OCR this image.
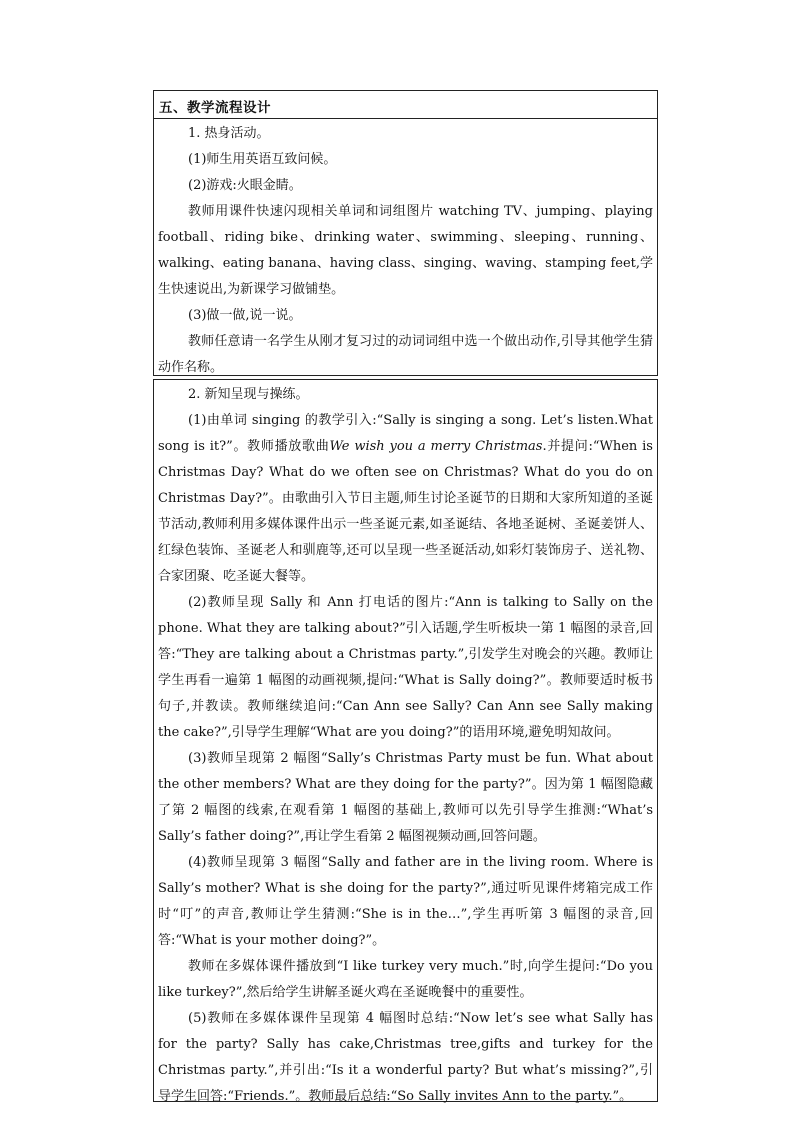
五、教学流程设计

1. 热身活动。

(1)师生用英语互致问候。

(2)游戏:火眼金睛。

教师用课件快速闪现相关单词和词组图片 watching TV、jumping、playing football、riding bike、drinking water、swimming、sleeping、running、walking、eating banana、having class、singing、waving、stamping feet,学生快速说出,为新课学习做铺垫。

(3)做一做,说一说。

教师任意请一名学生从刚才复习过的动词词组中选一个做出动作,引导其他学生猜动作名称。

2. 新知呈现与操练。

(1)由单词 singing 的教学引入:“Sally is singing a song. Let’s listen.What song is it?”。教师播放歌曲We wish you a merry Christmas.并提问:“When is Christmas Day? What do we often see on Christmas? What do you do on Christmas Day?”。由歌曲引入节日主题,师生讨论圣诞节的日期和大家所知道的圣诞节活动,教师利用多媒体课件出示一些圣诞元素,如圣诞结、各地圣诞树、圣诞姜饼人、红绿色装饰、圣诞老人和驯鹿等,还可以呈现一些圣诞活动,如彩灯装饰房子、送礼物、合家团聚、吃圣诞大餐等。

(2)教师呈现 Sally 和 Ann 打电话的图片:“Ann is talking to Sally on the phone. What they are talking about?”引入话题,学生听板块一第 1 幅图的录音,回答:“They are talking about a Christmas party.”,引发学生对晚会的兴趣。教师让学生再看一遍第 1 幅图的动画视频,提问:“What is Sally doing?”。教师要适时板书句子,并教读。教师继续追问:“Can Ann see Sally? Can Ann see Sally making the cake?”,引导学生理解“What are you doing?”的语用环境,避免明知故问。

(3)教师呈现第 2 幅图“Sally’s Christmas Party must be fun. What about the other members? What are they doing for the party?”。因为第 1 幅图隐藏了第 2 幅图的线索,在观看第 1 幅图的基础上,教师可以先引导学生推测:“What’s Sally’s father doing?”,再让学生看第 2 幅图视频动画,回答问题。

(4)教师呈现第 3 幅图“Sally and father are in the living room. Where is Sally’s mother? What is she doing for the party?”,通过听见课件烤箱完成工作时“叮”的声音,教师让学生猜测:“She is in the…”,学生再听第 3 幅图的录音,回答:“What is your mother doing?”。

教师在多媒体课件播放到“I like turkey very much.”时,向学生提问:“Do you like turkey?”,然后给学生讲解圣诞火鸡在圣诞晚餐中的重要性。

(5)教师在多媒体课件呈现第 4 幅图时总结:“Now let’s see what Sally has for the party? Sally has cake,Christmas tree,gifts and turkey for the Christmas party.”,并引出:“Is it a wonderful party? But what’s missing?”,引导学生回答:“Friends.”。教师最后总结:“So Sally invites Ann to the party.”。
